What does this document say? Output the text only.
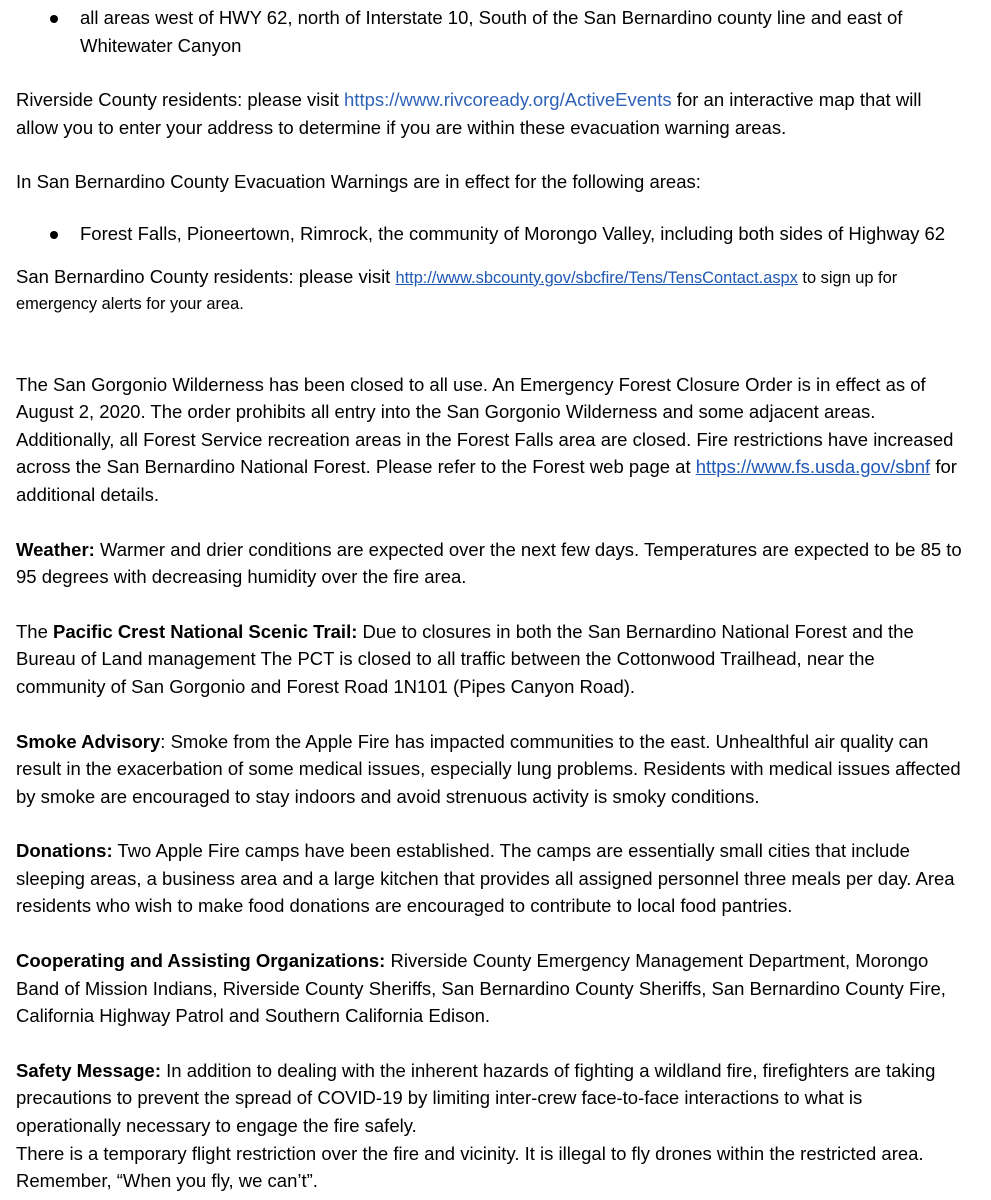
all areas west of HWY 62, north of Interstate 10, South of the San Bernardino county line and east of Whitewater Canyon

Riverside County residents: please visit https://www.rivcoready.org/ActiveEvents for an interactive map that will allow you to enter your address to determine if you are within these evacuation warning areas.

In San Bernardino County Evacuation Warnings are in effect for the following areas:

Forest Falls, Pioneertown, Rimrock, the community of Morongo Valley, including both sides of Highway 62

San Bernardino County residents: please visit http://www.sbcounty.gov/sbcfire/Tens/TensContact.aspx to sign up for emergency alerts for your area.

The San Gorgonio Wilderness has been closed to all use. An Emergency Forest Closure Order is in effect as of August 2, 2020. The order prohibits all entry into the San Gorgonio Wilderness and some adjacent areas. Additionally, all Forest Service recreation areas in the Forest Falls area are closed. Fire restrictions have increased across the San Bernardino National Forest. Please refer to the Forest web page at https://www.fs.usda.gov/sbnf for additional details.

Weather: Warmer and drier conditions are expected over the next few days. Temperatures are expected to be 85 to 95 degrees with decreasing humidity over the fire area.

The Pacific Crest National Scenic Trail: Due to closures in both the San Bernardino National Forest and the Bureau of Land management The PCT is closed to all traffic between the Cottonwood Trailhead, near the community of San Gorgonio and Forest Road 1N101 (Pipes Canyon Road).

Smoke Advisory: Smoke from the Apple Fire has impacted communities to the east. Unhealthful air quality can result in the exacerbation of some medical issues, especially lung problems. Residents with medical issues affected by smoke are encouraged to stay indoors and avoid strenuous activity is smoky conditions.

Donations: Two Apple Fire camps have been established. The camps are essentially small cities that include sleeping areas, a business area and a large kitchen that provides all assigned personnel three meals per day. Area residents who wish to make food donations are encouraged to contribute to local food pantries.

Cooperating and Assisting Organizations: Riverside County Emergency Management Department, Morongo Band of Mission Indians, Riverside County Sheriffs, San Bernardino County Sheriffs, San Bernardino County Fire, California Highway Patrol and Southern California Edison.

Safety Message: In addition to dealing with the inherent hazards of fighting a wildland fire, firefighters are taking precautions to prevent the spread of COVID-19 by limiting inter-crew face-to-face interactions to what is operationally necessary to engage the fire safely.

There is a temporary flight restriction over the fire and vicinity. It is illegal to fly drones within the restricted area. Remember, “When you fly, we can’t”.
